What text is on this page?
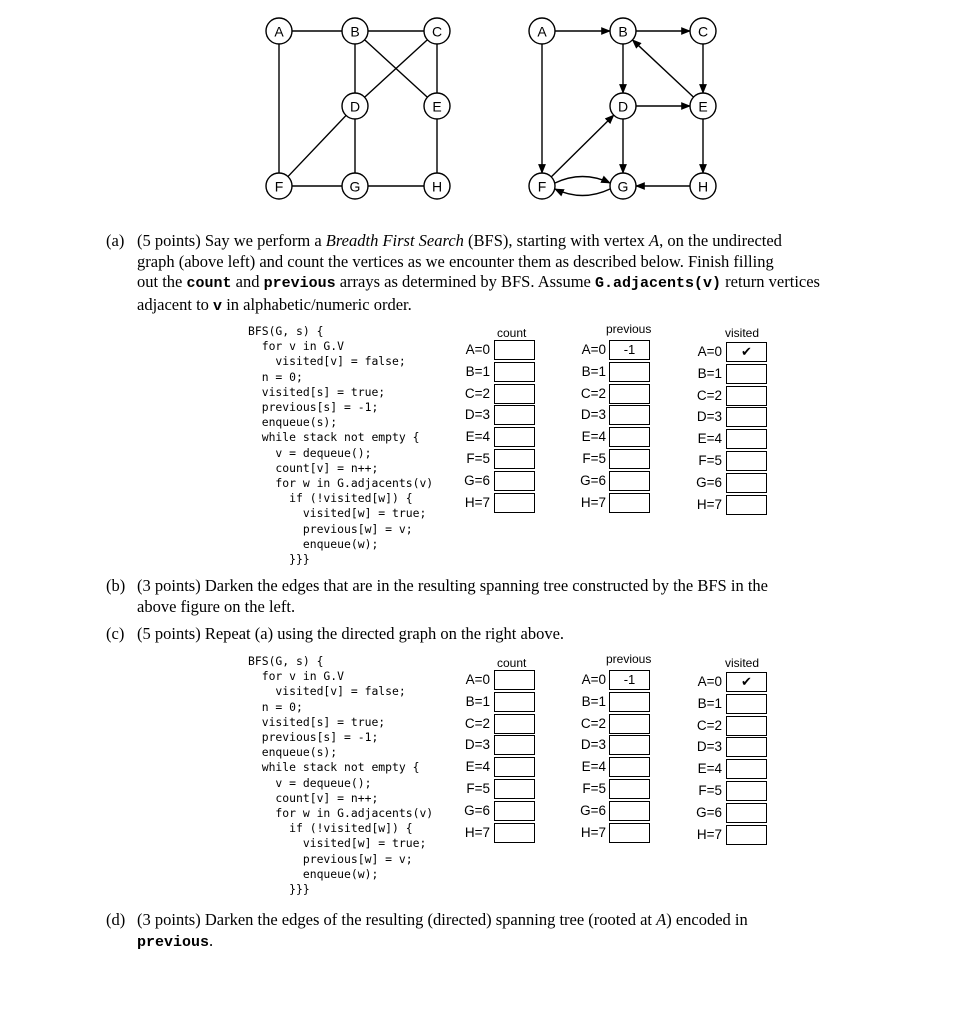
A	B	C
D	E
F	G	H
A	B	C
D	E
F	G	H
(a) (5 points) Say we perform a Breadth First Search (BFS), starting with vertex A, on the undirected
graph (above left) and count the vertices as we encounter them as described below. Finish filling
out the count and previous arrays as determined by BFS. Assume G.adjacents(v) return vertices
adjacent to v in alphabetic/numeric order.
(b) (3 points) Darken the edges that are in the resulting spanning tree constructed by the BFS in the
above figure on the left.
(c) (5 points) Repeat (a) using the directed graph on the right above.
(d) (3 points) Darken the edges of the resulting (directed) spanning tree (rooted at A) encoded in
previous.
BFS(G, s) {
for v in G.V
visited[v] = false;
n = 0;
visited[s] = true;
previous[s] = -1;
enqueue(s);
while stack not empty {
v = dequeue();
count[v] = n++;
for w in G.adjacents(v)
if (!visited[w]) {
visited[w] = true;
previous[w] = v;
enqueue(w);
}}}
count
A=0
B=1
C=2
D=3
E=4
F=5
G=6
H=7
previous
A=0	-1
B=1
C=2
D=3
E=4
F=5
G=6
H=7
visited
A=0	✔
B=1
C=2
D=3
E=4
F=5
G=6
H=7
BFS(G, s) {
for v in G.V
visited[v] = false;
n = 0;
visited[s] = true;
previous[s] = -1;
enqueue(s);
while stack not empty {
v = dequeue();
count[v] = n++;
for w in G.adjacents(v)
if (!visited[w]) {
visited[w] = true;
previous[w] = v;
enqueue(w);
}}}
count
A=0
B=1
C=2
D=3
E=4
F=5
G=6
H=7
previous
A=0	-1
B=1
C=2
D=3
E=4
F=5
G=6
H=7
visited
A=0	✔
B=1
C=2
D=3
E=4
F=5
G=6
H=7
